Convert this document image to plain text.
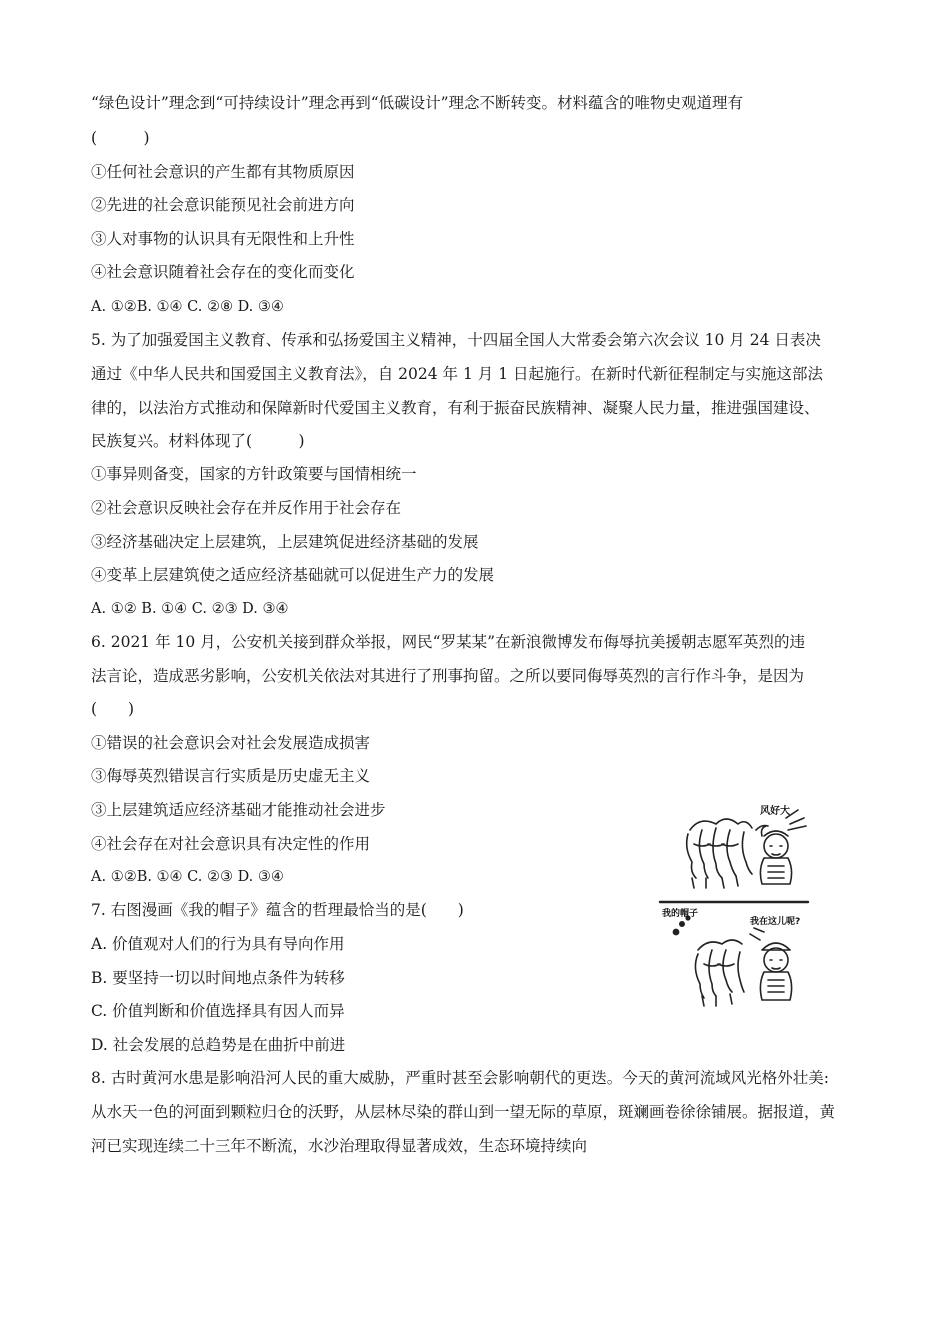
“绿色设计”理念到“可持续设计”理念再到“低碳设计”理念不断转变。材料蕴含的唯物史观道理有
(　　　)
①任何社会意识的产生都有其物质原因
②先进的社会意识能预见社会前进方向
③人对事物的认识具有无限性和上升性
④社会意识随着社会存在的变化而变化
A. ①②B. ①④ C. ②⑧ D. ③④
5. 为了加强爱国主义教育、传承和弘扬爱国主义精神，十四届全国人大常委会第六次会议 10 月 24 日表决
通过《中华人民共和国爱国主义教育法》，自 2024 年 1 月 1 日起施行。在新时代新征程制定与实施这部法
律的，以法治方式推动和保障新时代爱国主义教育，有利于振奋民族精神、凝聚人民力量，推进强国建设、
民族复兴。材料体现了(　　　)
①事异则备变，国家的方针政策要与国情相统一
②社会意识反映社会存在并反作用于社会存在
③经济基础决定上层建筑，上层建筑促进经济基础的发展
④变革上层建筑使之适应经济基础就可以促进生产力的发展
A. ①② B. ①④ C. ②③ D. ③④
6. 2021 年 10 月，公安机关接到群众举报，网民“罗某某”在新浪微博发布侮辱抗美援朝志愿军英烈的违
法言论，造成恶劣影响，公安机关依法对其进行了刑事拘留。之所以要同侮辱英烈的言行作斗争，是因为
(　　)
①错误的社会意识会对社会发展造成损害
③侮辱英烈错误言行实质是历史虚无主义
③上层建筑适应经济基础才能推动社会进步
④社会存在对社会意识具有决定性的作用
A. ①②B. ①④ C. ②③ D. ③④
7. 右图漫画《我的帽子》蕴含的哲理最恰当的是(　　)
A. 价值观对人们的行为具有导向作用
B. 要坚持一切以时间地点条件为转移
C. 价值判断和价值选择具有因人而异
D. 社会发展的总趋势是在曲折中前进
风好大
我的帽子
我在这儿呢?
8. 古时黄河水患是影响沿河人民的重大威胁，严重时甚至会影响朝代的更迭。今天的黄河流域风光格外壮美:
从水天一色的河面到颗粒归仓的沃野，从层林尽染的群山到一望无际的草原，斑斓画卷徐徐铺展。据报道，黄
河已实现连续二十三年不断流，水沙治理取得显著成效，生态环境持续向
